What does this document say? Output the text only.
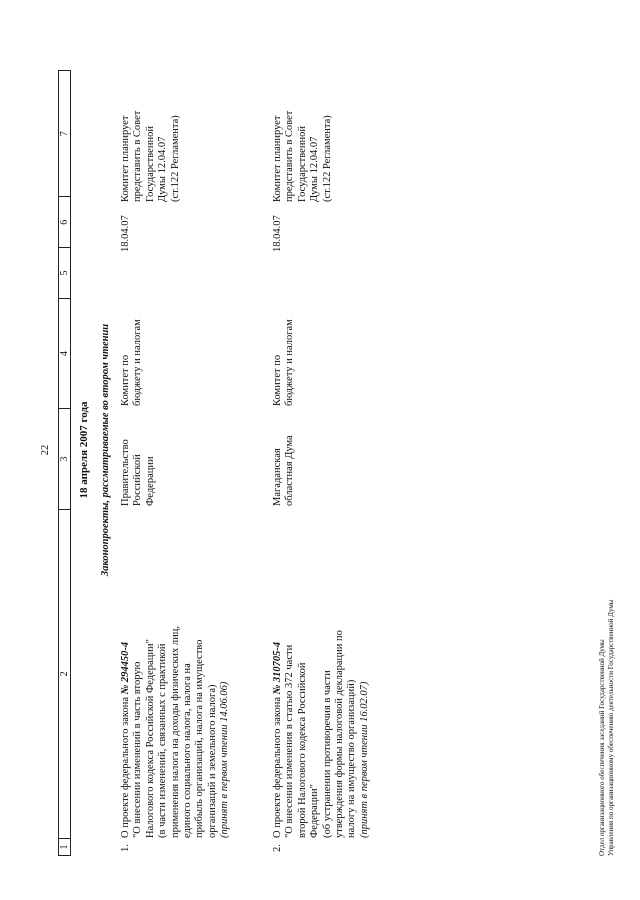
22
1
2
3
4
5
6
7
18 апреля 2007 года Законопроекты, рассматриваемые во втором чтении
1.
О проекте федерального закона № 294450-4 "О внесении изменений в часть вторую Налогового кодекса Российской Федерации" (в части изменений, связанных с практикой применения налога на доходы физических лиц, единого социального налога, налога на прибыль организаций, налога на имущество организаций и земельного налога) (принят в первом чтении 14.06.06)
Правительство Российской Федерации
Комитет по бюджету и налогам
18.04.07
Комитет планирует представить в Совет Государственной Думы 12.04.07 (ст.122 Регламента)
2.
О проекте федерального закона № 310705-4 "О внесении изменения в статью 372 части второй Налогового кодекса Российской Федерации" (об устранении противоречия в части утверждения формы налоговой декларации по налогу на имущество организаций) (принят в первом чтении 16.02.07)
Магаданская областная Дума
Комитет по бюджету и налогам
18.04.07
Комитет планирует представить в Совет Государственной Думы 12.04.07 (ст.122 Регламента)
Отдел организационного обеспечения заседаний Государственной Думы Управления по организационному обеспечению деятельности Государственной Думы
